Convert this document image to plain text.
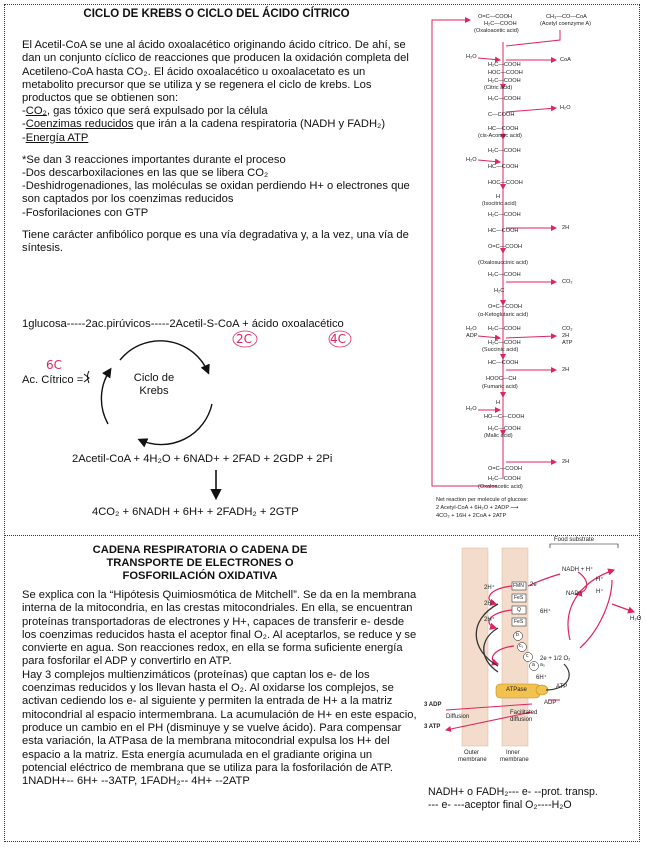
CICLO DE KREBS O CICLO DEL ÁCIDO CÍTRICO

El Acetil-CoA se une al ácido oxoalacético originando ácido cítrico. De ahí, se dan un conjunto cíclico de reacciones que producen la oxidación completa del Acetileno-CoA hasta CO₂. El ácido oxoalacético u oxoalacetato es un metabolito precursor que se utiliza y se regenera el ciclo de krebs. Los productos que se obtienen son:

-CO₂, gas tóxico que será expulsado por la célula

-Coenzimas reducidos que irán a la cadena respiratoria (NADH y FADH₂)

-Energía ATP

*Se dan 3 reacciones importantes durante el proceso

-Dos descarboxilaciones en las que se libera CO₂

-Deshidrogenadiones, las moléculas se oxidan perdiendo H+ o electrones que son captados por los coenzimas reducidos

-Fosforilaciones con GTP

Tiene carácter anfibólico porque es una vía degradativa y, a la vez, una vía de síntesis.

1glucosa-----2ac.pirúvicos-----2Acetil-S-CoA + ácido oxoalacético
2C	4C
6C
Ac. Cítrico =	Ciclo de
Krebs
2Acetil-CoA + 4H₂O + 6NAD+ + 2FAD + 2GDP + 2Pi
4CO₂ + 6NADH + 6H+ + 2FADH₂ + 2GTP
O=C—COOH
H₂C—COOH
(Oxaloacetic acid)
CH₃—CO—CoA
(Acetyl coenzyme A)
H₂O	CoA
H₂C—COOH
HOC—COOH
H₂C—COOH
(Citric acid)
H₂O
H₂C—COOH
C—COOH
HC—COOH
(cis-Aconitic acid)
H₂O
H₂C—COOH
HC—COOH
HOC—COOH
H
(Isocitric acid)
2H
H₂C—COOH
HC—COOH
O=C—COOH
(Oxalosuccinic acid)
CO₂
H₂C—COOH
H₂C
O=C—COOH
(α-Ketoglutaric acid)
H₂O
ADP
CO₂
2H
ATP
H₂C—COOH
H₂C—COOH
(Succinic acid)
2H
HC—COOH
HOOC—CH
(Fumaric acid)
H₂O
H
HO—C—COOH
H₂C—COOH
(Malic acid)
2H
O=C—COOH
H₂C—COOH
(Oxaloacetic acid)
Net reaction per molecule of glucose:
2 Acetyl-CoA + 6H₂O + 2ADP ⟶
4CO₂ + 16H + 2CoA + 2ATP
CADENA RESPIRATORIA O CADENA DE
TRANSPORTE DE ELECTRONES O
FOSFORILACIÓN OXIDATIVA

Se explica con la “Hipótesis Quimiosmótica de Mitchell”. Se da en la membrana interna de la mitocondria, en las crestas mitocondriales. En ella, se encuentran proteínas transportadoras de electrones y H+, capaces de transferir e- desde los coenzimas reducidos hasta el aceptor final O₂. Al aceptarlos, se reduce y se convierte en agua. Son reacciones redox, en ella se forma suficiente energía para fosforilar el ADP y convertirlo en ATP.

Hay 3 complejos multienzimáticos (proteínas) que captan los e- de los coenzimas reducidos y los llevan hasta el O₂. Al oxidarse los complejos, se activan cediendo los e- al siguiente y permiten la entrada de H+ a la matriz mitocondrial al espacio intermembrana. La acumulación de H+ en este espacio, produce un cambio en el PH (disminuye y se vuelve ácido). Para compensar esta variación, la ATPasa de la membrana mitocondrial expulsa los H+ del espacio a la matriz. Esta energía acumulada en el gradiante origina un potencial eléctrico de membrana que se utiliza para la fosforilación de ATP. 1NADH+-- 6H+ --3ATP, 1FADH₂-- 4H+ --2ATP

NADH+ o FADH₂--- e- --prot. transp.
--- e- ---aceptor final O₂----H₂O
Food substrate
NADH + H⁺
NAD⁺
H⁺
H⁺
FMN
FeS
Q
FeS
b
c₁
c
a a₃
2e
2H⁺
2H⁺
2H⁺
6H⁺
6H⁺
2e + 1/2 O₂
H₂O
ATPase	ATP
ADP
3 ADP
3 ATP
Diffusion
Facilitated
diffusion
Outer
membrane
Inner
membrane
